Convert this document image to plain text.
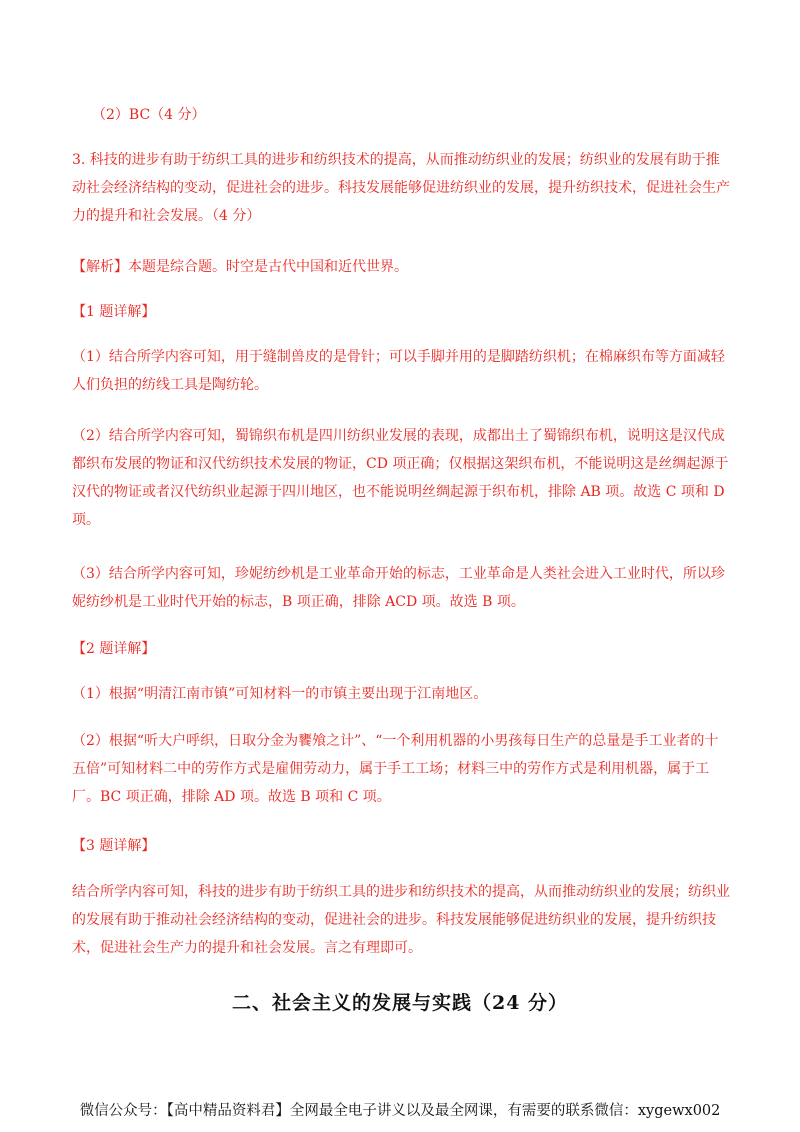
（2）BC（4 分）
3. 科技的进步有助于纺织工具的进步和纺织技术的提高，从而推动纺织业的发展；纺织业的发展有助于推动社会经济结构的变动，促进社会的进步。科技发展能够促进纺织业的发展，提升纺织技术，促进社会生产力的提升和社会发展。（4 分）
【解析】本题是综合题。时空是古代中国和近代世界。
【1 题详解】
（1）结合所学内容可知，用于缝制兽皮的是骨针；可以手脚并用的是脚踏纺织机；在棉麻织布等方面减轻人们负担的纺线工具是陶纺轮。
（2）结合所学内容可知，蜀锦织布机是四川纺织业发展的表现，成都出土了蜀锦织布机，说明这是汉代成都织布发展的物证和汉代纺织技术发展的物证，CD 项正确；仅根据这架织布机，不能说明这是丝绸起源于汉代的物证或者汉代纺织业起源于四川地区，也不能说明丝绸起源于织布机，排除 AB 项。故选 C 项和 D 项。
（3）结合所学内容可知，珍妮纺纱机是工业革命开始的标志，工业革命是人类社会进入工业时代，所以珍妮纺纱机是工业时代开始的标志，B 项正确，排除 ACD 项。故选 B 项。
【2 题详解】
（1）根据“明清江南市镇”可知材料一的市镇主要出现于江南地区。
（2）根据“听大户呼织，日取分金为饔飧之计”、“一个利用机器的小男孩每日生产的总量是手工业者的十五倍”可知材料二中的劳作方式是雇佣劳动力，属于手工工场；材料三中的劳作方式是利用机器，属于工厂。BC 项正确，排除 AD 项。故选 B 项和 C 项。
【3 题详解】
结合所学内容可知，科技的进步有助于纺织工具的进步和纺织技术的提高，从而推动纺织业的发展；纺织业的发展有助于推动社会经济结构的变动，促进社会的进步。科技发展能够促进纺织业的发展，提升纺织技术，促进社会生产力的提升和社会发展。言之有理即可。
二、社会主义的发展与实践（24 分）
微信公众号：【高中精品资料君】全网最全电子讲义以及最全网课，有需要的联系微信：xygewx002
